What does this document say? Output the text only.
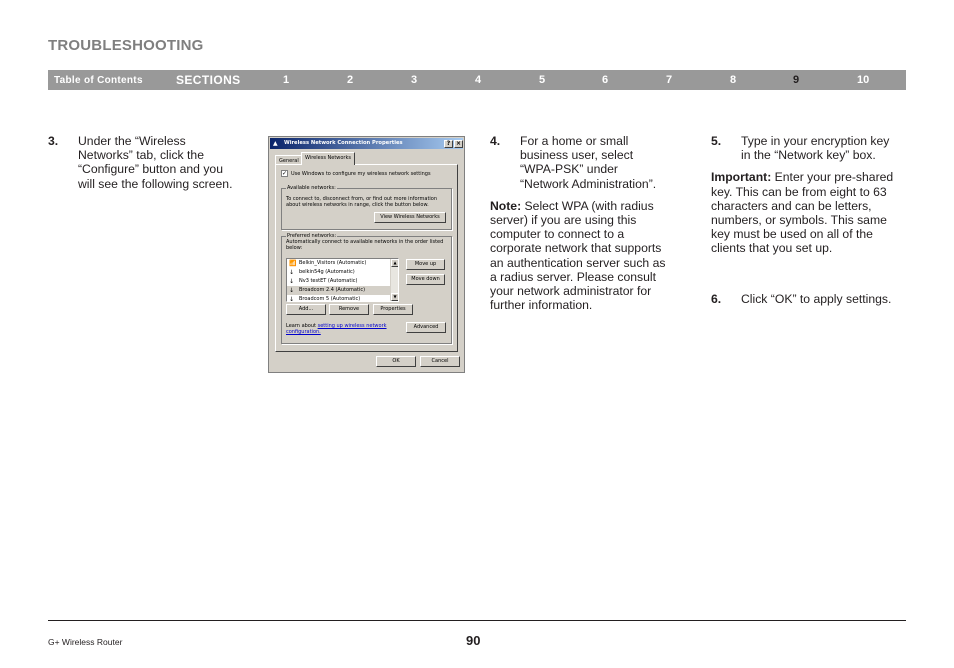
TROUBLESHOOTING
Table of Contents	SECTIONS	1	2	3	4	5	6	7	8	9	10
3. Under the “Wireless
Networks” tab, click the
“Configure” button and you
will see the following screen.
▲	Wireless Network Connection Properties	? ×
General	Wireless Networks
✓ Use Windows to configure my wireless network settings
Available networks:
To connect to, disconnect from, or find out more information
about wireless networks in range, click the button below.
View Wireless Networks
Preferred networks:
Automatically connect to available networks in the order listed
below:
📶 Belkin_Visitors (Automatic)
↓ belkin54g (Automatic)
↓ Nv3 testET (Automatic)
↓ Broadcom 2.4 (Automatic)
↓ Broadcom 5 (Automatic)
▲
▼
Move up
Move down
Add...	Remove	Properties
Learn about setting up wireless network
configuration.
Advanced
OK	Cancel
4. For a home or small
business user, select
“WPA-PSK” under
“Network Administration”.
Note: Select WPA (with radius
server) if you are using this
computer to connect to a
corporate network that supports
an authentication server such as
a radius server. Please consult
your network administrator for
further information.
5. Type in your encryption key
in the “Network key” box.
Important: Enter your pre-shared
key. This can be from eight to 63
characters and can be letters,
numbers, or symbols. This same
key must be used on all of the
clients that you set up.
6. Click “OK” to apply settings.
G+ Wireless Router	90
